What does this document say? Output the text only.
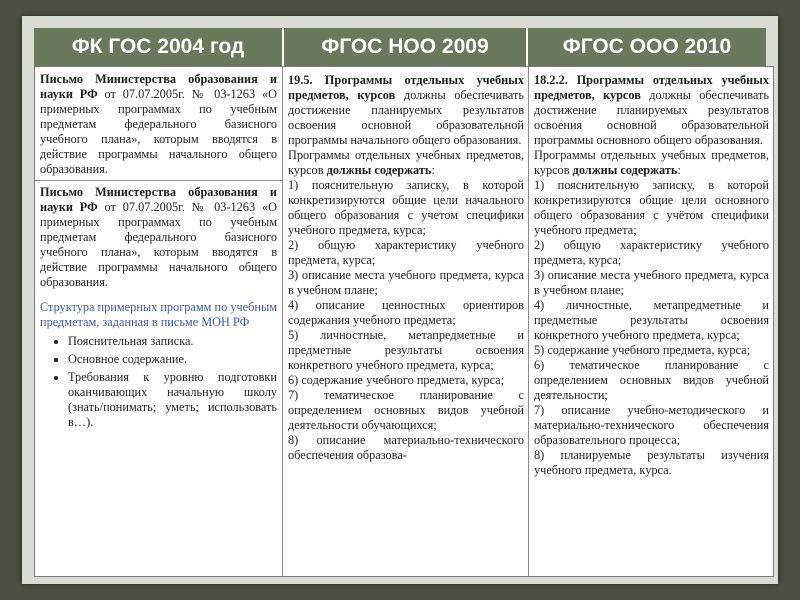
ФК ГОС 2004 год	ФГОС НОО 2009	ФГОС ООО 2010
Письмо Министерства образования и науки РФ от 07.07.2005г. № 03-1263 «О примерных программах по учебным предметам федерального базисного учебного плана», которым вводятся в действие программы начального общего образования.

Письмо Министерства образования и науки РФ от 07.07.2005г. № 03-1263 «О примерных программах по учебным предметам федерального базисного учебного плана», которым вводятся в действие программы начального общего образования.

Структура примерных программ по учебным предметам, заданная в письме МОН РФ

• Пояснительная записка.
• Основное содержание.
• Требования к уровню подготовки оканчивающих начальную школу (знать/понимать; уметь; использовать в…).

19.5. Программы отдельных учебных предметов, курсов должны обеспечивать достижение планируемых результатов освоения основной образовательной программы начального общего образования.

Программы отдельных учебных предметов, курсов должны содержать:

1) пояснительную записку, в которой конкретизируются общие цели начального общего образования с учетом специфики учебного предмета, курса;

2) общую характеристику учебного предмета, курса;

3) описание места учебного предмета, курса в учебном плане;

4) описание ценностных ориентиров содержания учебного предмета;

5) личностные, метапредметные и предметные результаты освоения конкретного учебного предмета, курса;

6) содержание учебного предмета, курса;

7) тематическое планирование с определением основных видов учебной деятельности обучающихся;

8) описание материально-технического обеспечения образова-

18.2.2. Программы отдельных учебных предметов, курсов должны обеспечивать достижение планируемых результатов освоения основной образовательной программы основного общего образования.

Программы отдельных учебных предметов, курсов должны содержать:

1) пояснительную записку, в которой конкретизируются общие цели основного общего образования с учётом специфики учебного предмета;

2) общую характеристику учебного предмета, курса;

3) описание места учебного предмета, курса в учебном плане;

4) личностные, метапредметные и предметные результаты освоения конкретного учебного предмета, курса;

5) содержание учебного предмета, курса;

6) тематическое планирование с определением основных видов учебной деятельности;

7) описание учебно-методического и материально-технического обеспечения образовательного процесса;

8) планируемые результаты изучения учебного предмета, курса.
